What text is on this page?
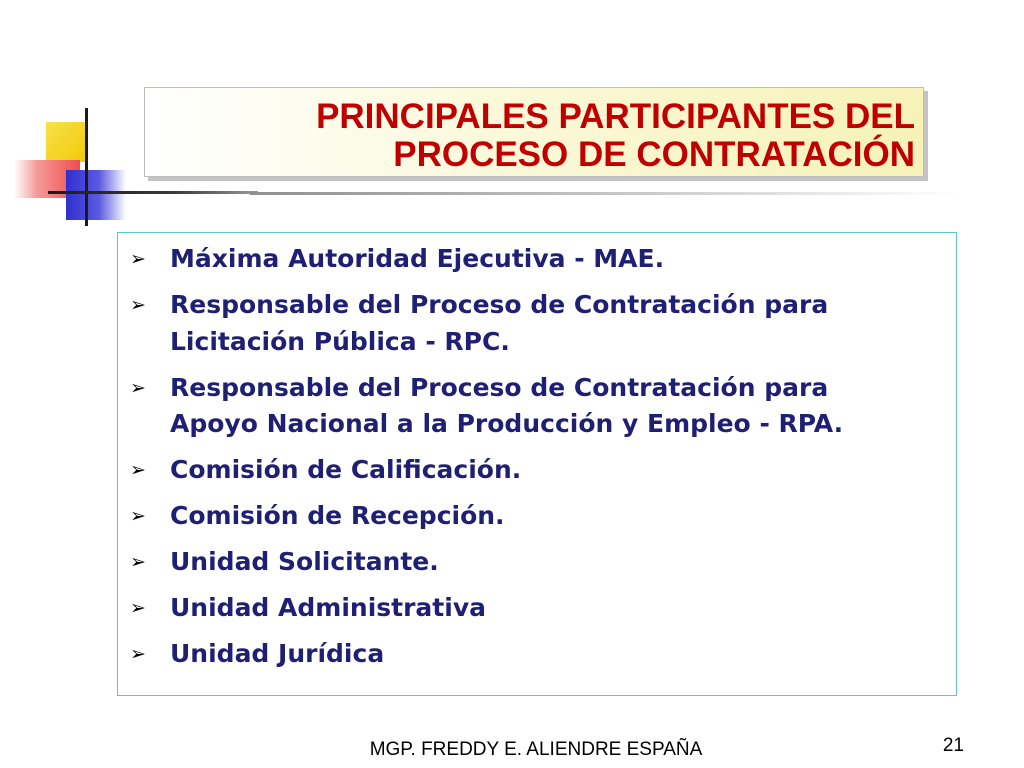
PRINCIPALES PARTICIPANTES DEL
PROCESO DE CONTRATACIÓN
➢ Máxima Autoridad Ejecutiva - MAE.
➢ Responsable del Proceso de Contratación para
Licitación Pública - RPC.
➢ Responsable del Proceso de Contratación para
Apoyo Nacional a la Producción y Empleo - RPA.
➢ Comisión de Calificación.
➢ Comisión de Recepción.
➢ Unidad Solicitante.
➢ Unidad Administrativa
➢ Unidad Jurídica
MGP. FREDDY E. ALIENDRE ESPAÑA	21
